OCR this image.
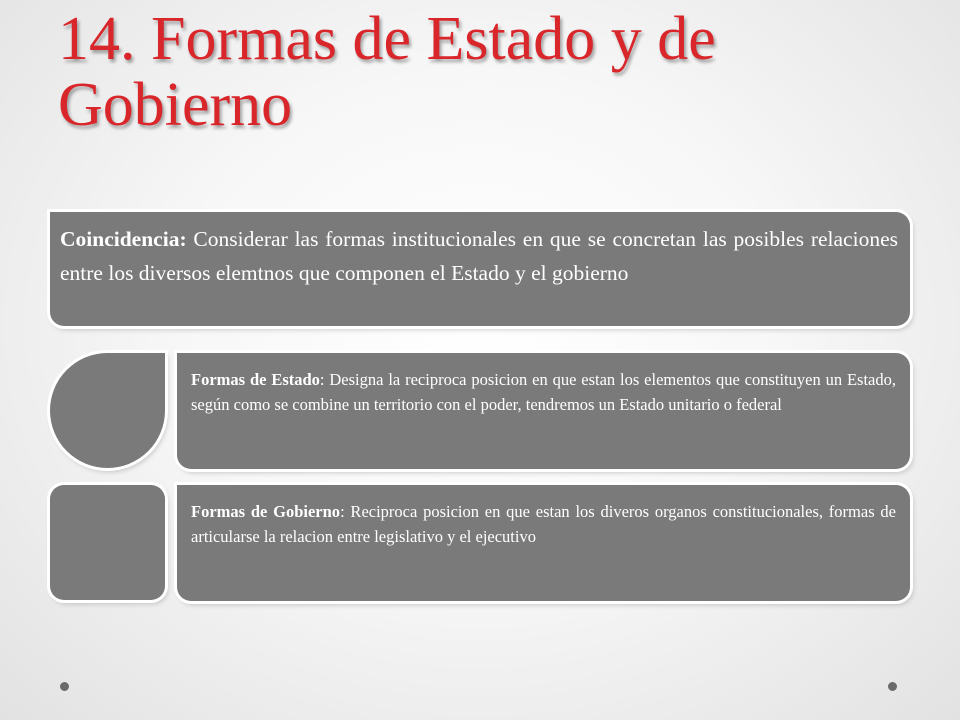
14. Formas de Estado y de Gobierno
Coincidencia: Considerar las formas institucionales en que se concretan las posibles relaciones entre los diversos elemtnos que componen el Estado y el gobierno
Formas de Estado: Designa la reciproca posicion en que estan los elementos que constituyen un Estado, según como se combine un territorio con el poder, tendremos un Estado unitario o federal
Formas de Gobierno: Reciproca posicion en que estan los diveros organos constitucionales, formas de articularse la relacion entre legislativo y el ejecutivo
